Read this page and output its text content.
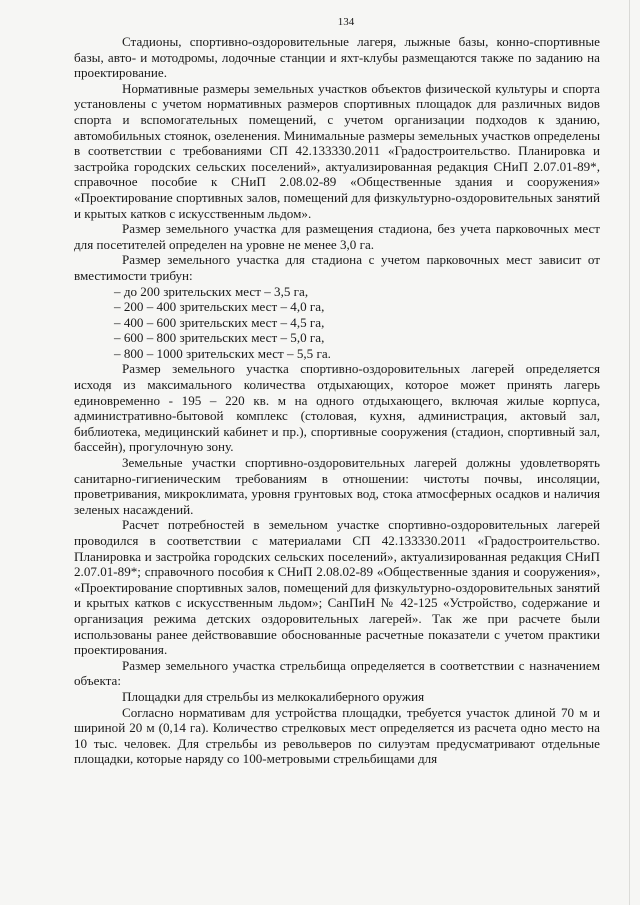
134

Стадионы, спортивно-оздоровительные лагеря, лыжные базы, конно-спортивные базы, авто- и мотодромы, лодочные станции и яхт-клубы размещаются также по заданию на проектирование.

Нормативные размеры земельных участков объектов физической культуры и спорта установлены с учетом нормативных размеров спортивных площадок для различных видов спорта и вспомогательных помещений, с учетом организации подходов к зданию, автомобильных стоянок, озеленения. Минимальные размеры земельных участков определены в соответствии с требованиями СП 42.133330.2011 «Градостроительство. Планировка и застройка городских сельских поселений», актуализированная редакция СНиП 2.07.01-89*, справочное пособие к СНиП 2.08.02-89 «Общественные здания и сооружения» «Проектирование спортивных залов, помещений для физкультурно-оздоровительных занятий и крытых катков с искусственным льдом».

Размер земельного участка для размещения стадиона, без учета парковочных мест для посетителей определен на уровне не менее 3,0 га.

Размер земельного участка для стадиона с учетом парковочных мест зависит от вместимости трибун:

– до 200 зрительских мест – 3,5 га,
– 200 – 400 зрительских мест – 4,0 га,
– 400 – 600 зрительских мест – 4,5 га,
– 600 – 800 зрительских мест – 5,0 га,
– 800 – 1000 зрительских мест – 5,5 га.

Размер земельного участка спортивно-оздоровительных лагерей определяется исходя из максимального количества отдыхающих, которое может принять лагерь единовременно - 195 – 220 кв. м на одного отдыхающего, включая жилые корпуса, административно-бытовой комплекс (столовая, кухня, администрация, актовый зал, библиотека, медицинский кабинет и пр.), спортивные сооружения (стадион, спортивный зал, бассейн), прогулочную зону.

Земельные участки спортивно-оздоровительных лагерей должны удовлетворять санитарно-гигиеническим требованиям в отношении: чистоты почвы, инсоляции, проветривания, микроклимата, уровня грунтовых вод, стока атмосферных осадков и наличия зеленых насаждений.

Расчет потребностей в земельном участке спортивно-оздоровительных лагерей проводился в соответствии с материалами СП 42.133330.2011 «Градостроительство. Планировка и застройка городских сельских поселений», актуализированная редакция СНиП 2.07.01-89*; справочного пособия к СНиП 2.08.02-89 «Общественные здания и сооружения», «Проектирование спортивных залов, помещений для физкультурно-оздоровительных занятий и крытых катков с искусственным льдом»; СанПиН № 42-125 «Устройство, содержание и организация режима детских оздоровительных лагерей». Так же при расчете были использованы ранее действовавшие обоснованные расчетные показатели с учетом практики проектирования.

Размер земельного участка стрельбища определяется в соответствии с назначением объекта:

Площадки для стрельбы из мелкокалиберного оружия

Согласно нормативам для устройства площадки, требуется участок длиной 70 м и шириной 20 м (0,14 га). Количество стрелковых мест определяется из расчета одно место на 10 тыс. человек. Для стрельбы из револьверов по силуэтам предусматривают отдельные площадки, которые наряду со 100-метровыми стрельбищами для
